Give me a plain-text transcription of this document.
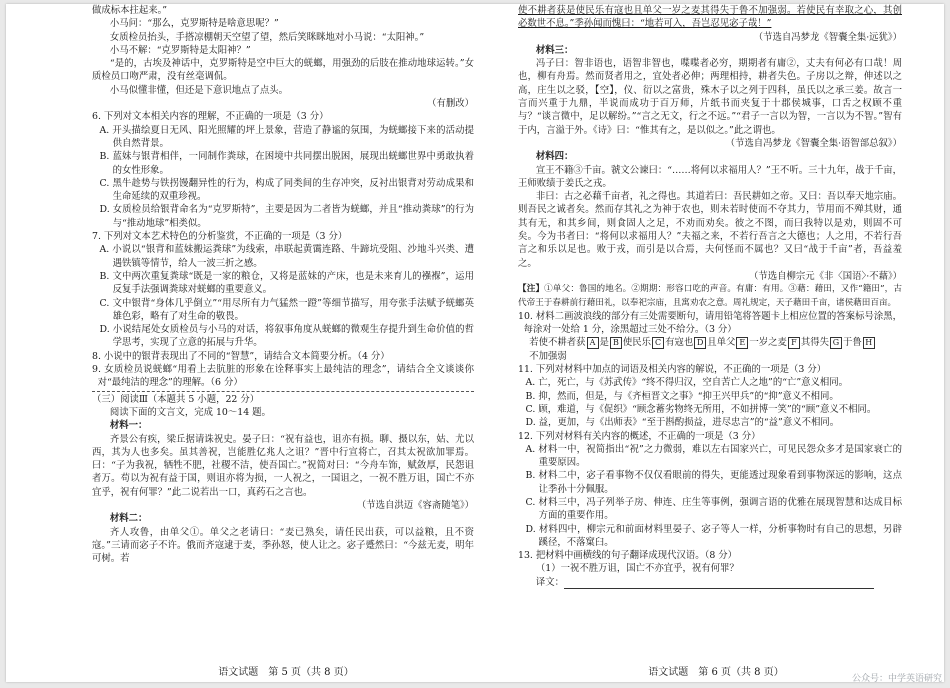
做成标本拄起来。”

小马问：“那么，克罗斯特是啥意思呢？”

女质检员抬头，手搭凉棚朝天空望了望，然后笑眯眯地对小马说：“太阳神。”

小马不解：“克罗斯特是太阳神？”

“是的，古埃及神话中，克罗斯特是空中巨大的蜣螂，用强劲的后肢在推动地球运转。”女质检员口吻严肃，没有丝毫调侃。

小马似懂非懂，但还是下意识地点了点头。

（有删改）

6. 下列对文本相关内容的理解，不正确的一项是（3 分）

A. 开头描绘夏日无风、阳光照耀的坪上景象，营造了静谧的氛围，为蜣螂接下来的活动提供自然背景。

B. 蓝妹与银背相伴，一同制作粪球，在困境中共同摆出脱困，展现出蜣螂世界中勇敢执着的女性形象。

C. 黑牛趁势与铁拐馒翻异性的行为，构成了同类间的生存冲突，反衬出银背对劳动成果和生命延续的双重珍视。

D. 女质检员给银背命名为“克罗斯特”，主要是因为二者皆为蜣螂，并且“推动粪球”的行为与“推动地球”相类似。

7. 下列对文本艺术特色的分析鉴赏，不正确的一项是（3 分）

A. 小说以“银背和蓝妹搬运粪球”为线索，串联起黄霭连路、牛蹄坑受阻、沙地斗兴类、遭遇铁镇等情节，给人一波三折之感。

B. 文中两次重复粪球“既是一家的粮仓，又将是蓝妹的产床，也是未来育儿的襁褓”，运用反复手法强调粪球对蜣螂的重要意义。

C. 文中银背“身体几乎倒立”“用尽所有力气猛然一蹬”等细节描写，用夸张手法赋予蜣螂英雄色彩，略有了对生命的敬畏。

D. 小说结尾处女质检员与小马的对话，将叙事角度从蜣螂的微观生存提升到生命价值的哲学思考，实现了立意的拓展与升华。

8. 小说中的银背表现出了不同的“智慧”，请结合文本简要分析。（4 分）

9. 女质检员说蜣螂“用看上去肮脏的形象在诠释事实上最纯洁的理念”，请结合全文谈谈你对“最纯洁的理念”的理解。（6 分）

（三）阅读Ⅲ（本题共 5 小题，22 分）

阅读下面的文言文，完成 10～14 题。

材料一：

齐景公有疾，梁丘据请诛祝史。晏子曰：“祝有益也，诅亦有损。聊、摄以东，姑、尤以西，其为人也多矣。虽其善祝，岂能胜亿兆人之诅？”晋中行宣将亡，召其太祝欲加罪焉。曰：“子为我祝，牺牲不肥，社稷不洁，使吾国亡。”祝简对曰：“今舟车饰，赋敛厚，民怨诅者万。苟以为祝有益于国，则诅亦将为损，一人祝之，一国诅之，一祝不胜万诅，国亡不亦宜乎，祝有何罪？”此二说若出一口，真药石之言也。

（节选自洪迈《容斋随笔》）

材料二：

齐人攻鲁，由单父①。单父之老请曰：“麦已熟矣，请任民出获，可以益粮，且不资寇。”三请而宓子不许。俄而齐寇逮于麦，季孙怒，使人让之。宓子蹙然曰：“今兹无麦，明年可树。若

使不耕者获是使民乐有寇也且单父一岁之麦其得失于鲁不加强弱。若使民有幸取之心，其创必数世不息。”季孙闻而愧曰：“地若可入，吾岂忍见宓子哉！”

（节选自冯梦龙《智囊全集·远犹》）

材料三：

冯子曰：智非语也，语智非智也，喋喋者必穷，期期者有庸②，丈夫有何必有口哉！周也，柳有舟焉。然而贤者用之，宜处者必伸；两理相持，耕者失色。子房以之辩，伸述以之高，庄生以之驳，【空】，仪、衍以之富贵，殊木子以之列于四科，虽氏以之承三姜。故言一言而兴重于九鼎，半说而成功于百万师，片纸书而夹复于十郡侯城事，口舌之权顾不重与？“谈言微中，足以解纷。”“言之无文，行之不远。”“君子一言以为智，一言以为不智。”智有于内，言溢于外。《诗》曰：“惟其有之，是以似之。”此之谓也。

（节选自冯梦龙《智囊全集·语智部总叙》）

材料四：

宣王不籍③千亩。虢文公谏曰：“……将何以求福用人？”王不听。三十九年，战于千亩，王师败绩于姜氏之戎。

非曰：古之必藉千亩者，礼之得也。其道若曰：吾民耕如之帝。又曰：吾以奉天地宗庙。则吾民之诚者矣。然而存其礼之为神于农也，则未若时使而不夺其力，节用而不殚其财，通其有无，和其乡间，则食固人之足，不劝而劝矣。彼之不图，而曰我特以是劝，则固不可矣。今为书者曰：“将何以求福用人？”夫福之来，不若行吾言之大德也；人之用，不若行吾言之和乐以足也。败于戎，而引是以合焉，夫何怪而不属也？又曰“战于千亩”者，吾益羞之。

（节选自柳宗元《非〈国语〉·不藉》）

【注】①单父：鲁国的地名。②期期：形容口吃的声音。有庸：有用。③藉：藉田，又作“籍田”，古代帝王于春耕前行藉田礼，以奉祀宗庙，且寓劝农之意。周礼规定，天子藉田千亩，诸侯藉田百亩。

10. 材料二画波浪线的部分有三处需要断句，请用铅笔将答题卡上相应位置的答案标号涂黑，每涂对一处给 1 分，涂黑超过三处不给分。（3 分）

若使不耕者获 A 是 B 使民乐 C 有寇也 D 且单父 E 一岁之麦 F 其得失 G 于鲁 H
不加强弱

11. 下列对材料中加点的词语及相关内容的解说，不正确的一项是（3 分）

A. 亡，死亡，与《苏武传》“终不得归汉，空自苦亡人之地”的“亡”意义相同。

B. 抑，然而，但是，与《齐桓晋文之事》“抑王兴甲兵”的“抑”意义不相同。

C. 顾，难道，与《促织》“顾念蓄劣物终无所用，不如拼博一笑”的“顾”意义不相同。

D. 益，更加，与《出师表》“至于斟酌损益，进尽忠言”的“益”意义不相同。

12. 下列对材料有关内容的概述，不正确的一项是（3 分）

A. 材料一中，祝简指出“祝”之力微弱，难以左右国家兴亡，可见民怨众多才是国家衰亡的重要原因。

B. 材料二中，宓子看事物不仅仅看眼前的得失，更能透过现象看到事物深远的影响，这点让季孙十分佩服。

C. 材料三中，冯子列举子房、伸连、庄生等事例，强调言语的优雅在展现智慧和达成目标方面的重要作用。

D. 材料四中，柳宗元和前面材料里晏子、宓子等人一样，分析事物时有自己的思想，另辟蹊径，不落窠臼。

13. 把材料中画横线的句子翻译成现代汉语。（8 分）

（1）一祝不胜万诅，国亡不亦宜乎，祝有何罪？

译文：

语文试题　第 5 页（共 8 页）	语文试题　第 6 页（共 8 页）
公众号：中学英语研究
